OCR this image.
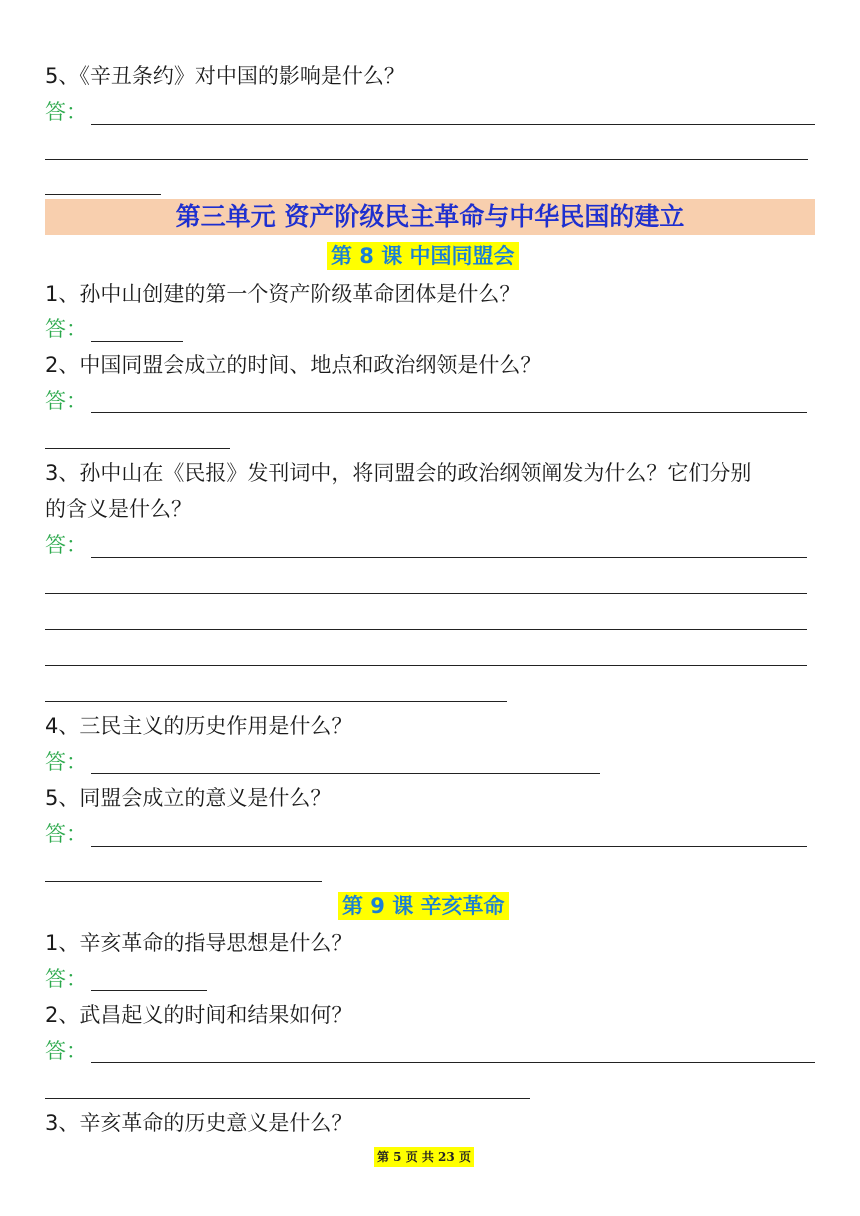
5、《辛丑条约》对中国的影响是什么？
答：
第三单元 资产阶级民主革命与中华民国的建立
第 8 课 中国同盟会
1、孙中山创建的第一个资产阶级革命团体是什么？
答：
2、中国同盟会成立的时间、地点和政治纲领是什么？
答：
3、孙中山在《民报》发刊词中，将同盟会的政治纲领阐发为什么？它们分别
的含义是什么？
答：
4、三民主义的历史作用是什么？
答：
5、同盟会成立的意义是什么？
答：
第 9 课 辛亥革命
1、辛亥革命的指导思想是什么？
答：
2、武昌起义的时间和结果如何？
答：
3、辛亥革命的历史意义是什么？
第 5 页 共 23 页
